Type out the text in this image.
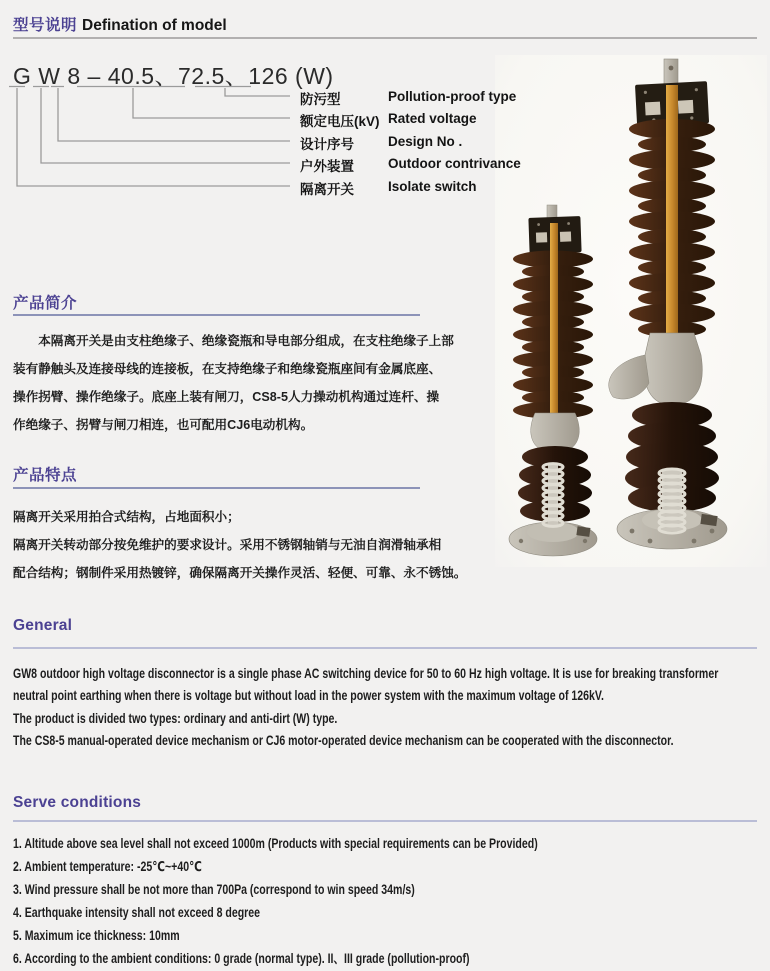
型号说明 Defination of model
G W 8 – 40.5、72.5、126 (W)
防污型	Pollution-proof type
额定电压(kV) Rated voltage
设计序号	Design No .
户外装置	Outdoor contrivance
隔离开关	Isolate switch
产品简介
本隔离开关是由支柱绝缘子、绝缘瓷瓶和导电部分组成，在支柱绝缘子上部
装有静触头及连接母线的连接板，在支持绝缘子和绝缘瓷瓶座间有金属底座、
操作拐臂、操作绝缘子。底座上装有闸刀，CS8-5人力操动机构通过连杆、操
作绝缘子、拐臂与闸刀相连，也可配用CJ6电动机构。
产品特点
隔离开关采用拍合式结构，占地面积小；
隔离开关转动部分按免维护的要求设计。采用不锈钢轴销与无油自润滑轴承相
配合结构；钢制件采用热镀锌，确保隔离开关操作灵活、轻便、可靠、永不锈蚀。
General

GW8 outdoor high voltage disconnector is a single phase AC switching device for 50 to 60 Hz high voltage. It is use for breaking transformer neutral point earthing when there is voltage but without load in the power system with the maximum voltage of 126kV.

The product is divided two types: ordinary and anti-dirt (W) type.

The CS8-5 manual-operated device mechanism or CJ6 motor-operated device mechanism can be cooperated with the disconnector.

Serve conditions
1. Altitude above sea level shall not exceed 1000m (Products with special requirements can be Provided)
2. Ambient temperature: -25℃~+40℃
3. Wind pressure shall be not more than 700Pa (correspond to win speed 34m/s)
4. Earthquake intensity shall not exceed 8 degree
5. Maximum ice thickness: 10mm
6. According to the ambient conditions: 0 grade (normal type). II、III grade (pollution-proof)
